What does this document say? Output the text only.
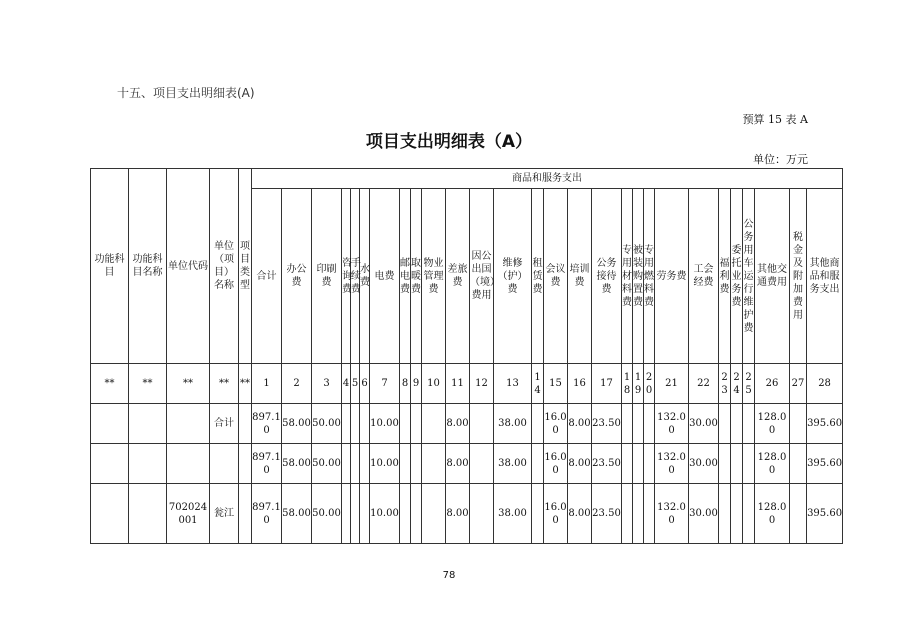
十五、项目支出明细表(A)
预算 15 表 A
项目支出明细表（A）
单位：万元
功能科目	功能科目名称	单位代码	单位（项目）名称	项目类型	商品和服务支出																											
					合计	办公费	印刷费	咨询费	手续费	水费	电费	邮电费	取暖费	物业管理费	差旅费	因公出国（境）费用	维修（护）费	租赁费	会议费	培训费	公务接待费	专用材料费	被装购置费	专用燃料费	劳务费	工会经费	福利费	委托业务费	公务用车运行维护费	其他交通费用	税金及附加费用	其他商品和服务支出
**	**	**	**	**	1	2	3	4	5	6	7	8	9	10	11	12	13	14	15	16	17	18	19	20	21	22	23	24	25	26	27	28
			合计		897.10	58.00	50.00				10.00				8.00		38.00		16.00	8.00	23.50				132.00	30.00				128.00		395.60
					897.10	58.00	50.00				10.00				8.00		38.00		16.00	8.00	23.50				132.00	30.00				128.00		395.60
		702024001	瓮江		897.10	58.00	50.00				10.00				8.00		38.00		16.00	8.00	23.50				132.00	30.00				128.00		395.60
78
